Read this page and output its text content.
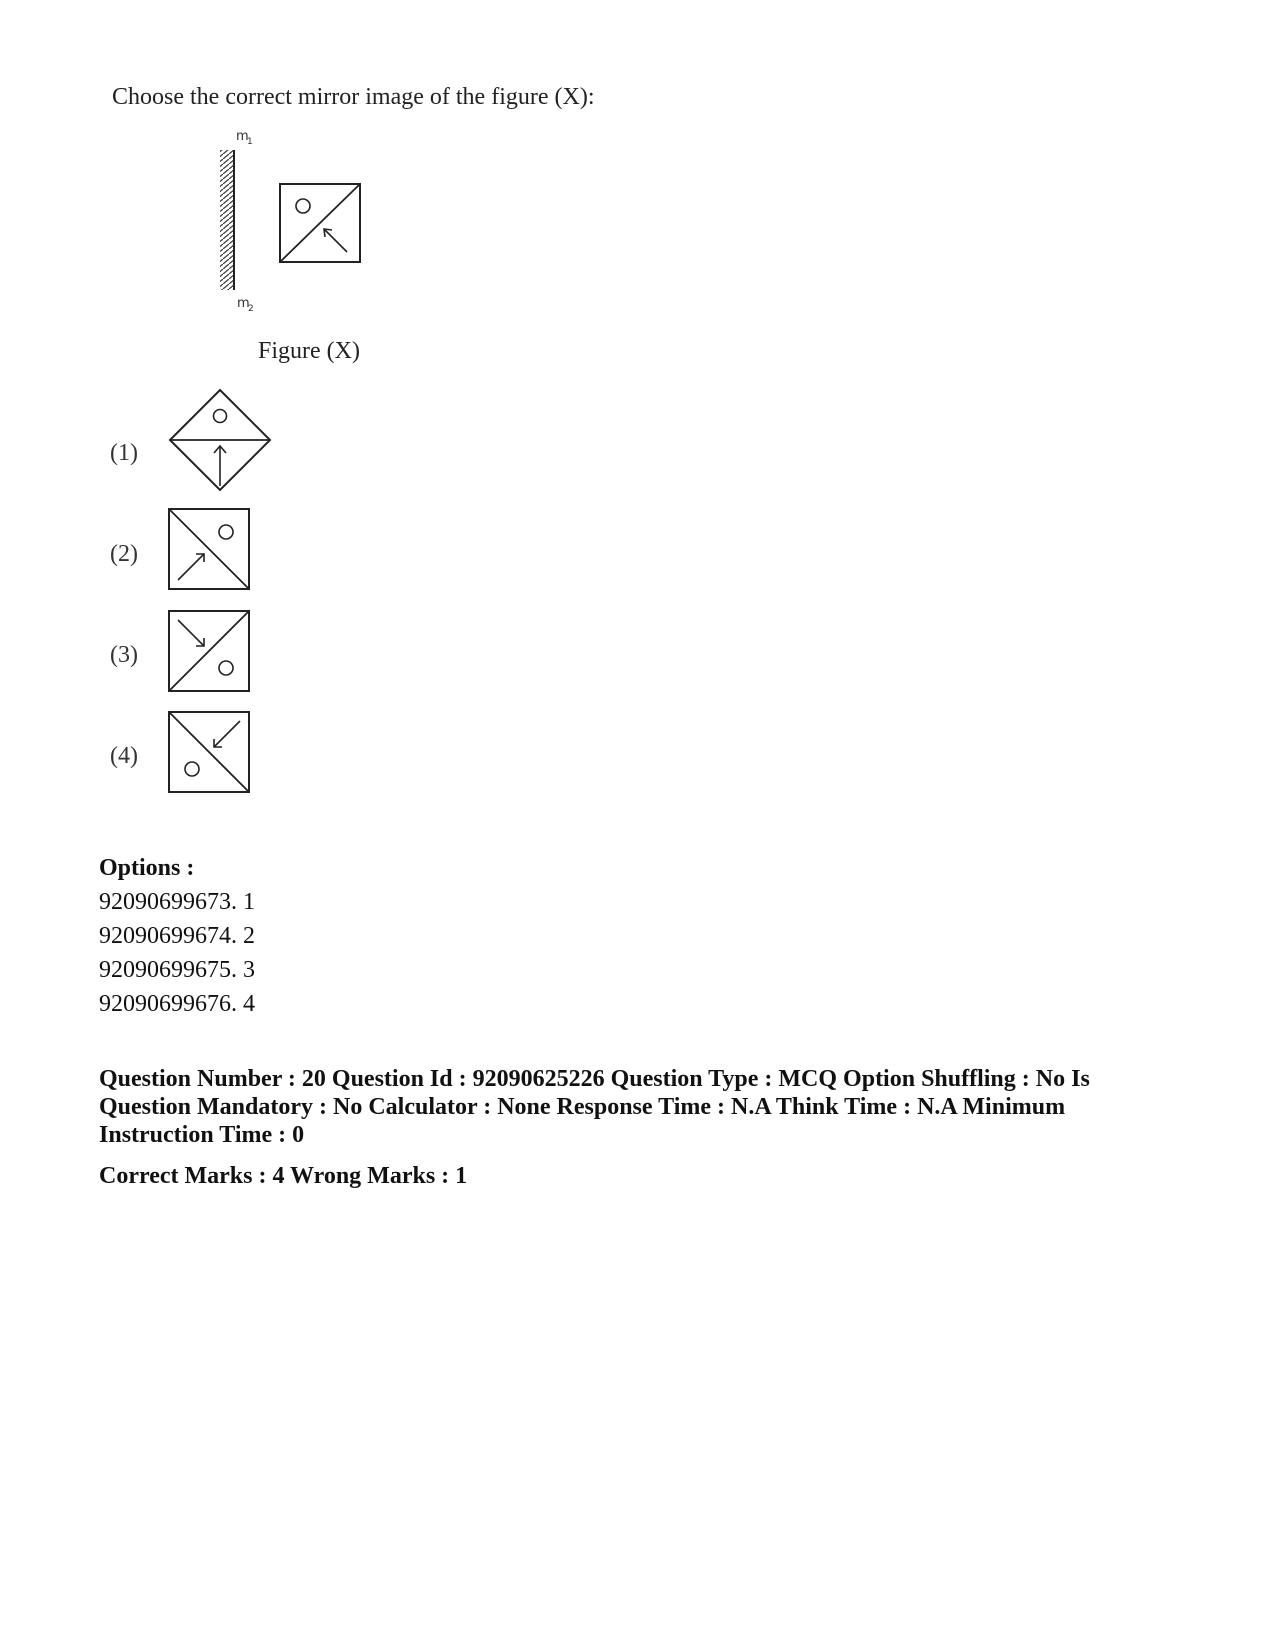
Choose the correct mirror image of the figure (X):
m
1
m
2
Figure (X)
(1)
(2)
(3)
(4)
Options :
92090699673. 1
92090699674. 2
92090699675. 3
92090699676. 4
Question Number : 20 Question Id : 92090625226 Question Type : MCQ Option Shuffling : No Is Question Mandatory : No Calculator : None Response Time : N.A Think Time : N.A Minimum Instruction Time : 0
Correct Marks : 4 Wrong Marks : 1
